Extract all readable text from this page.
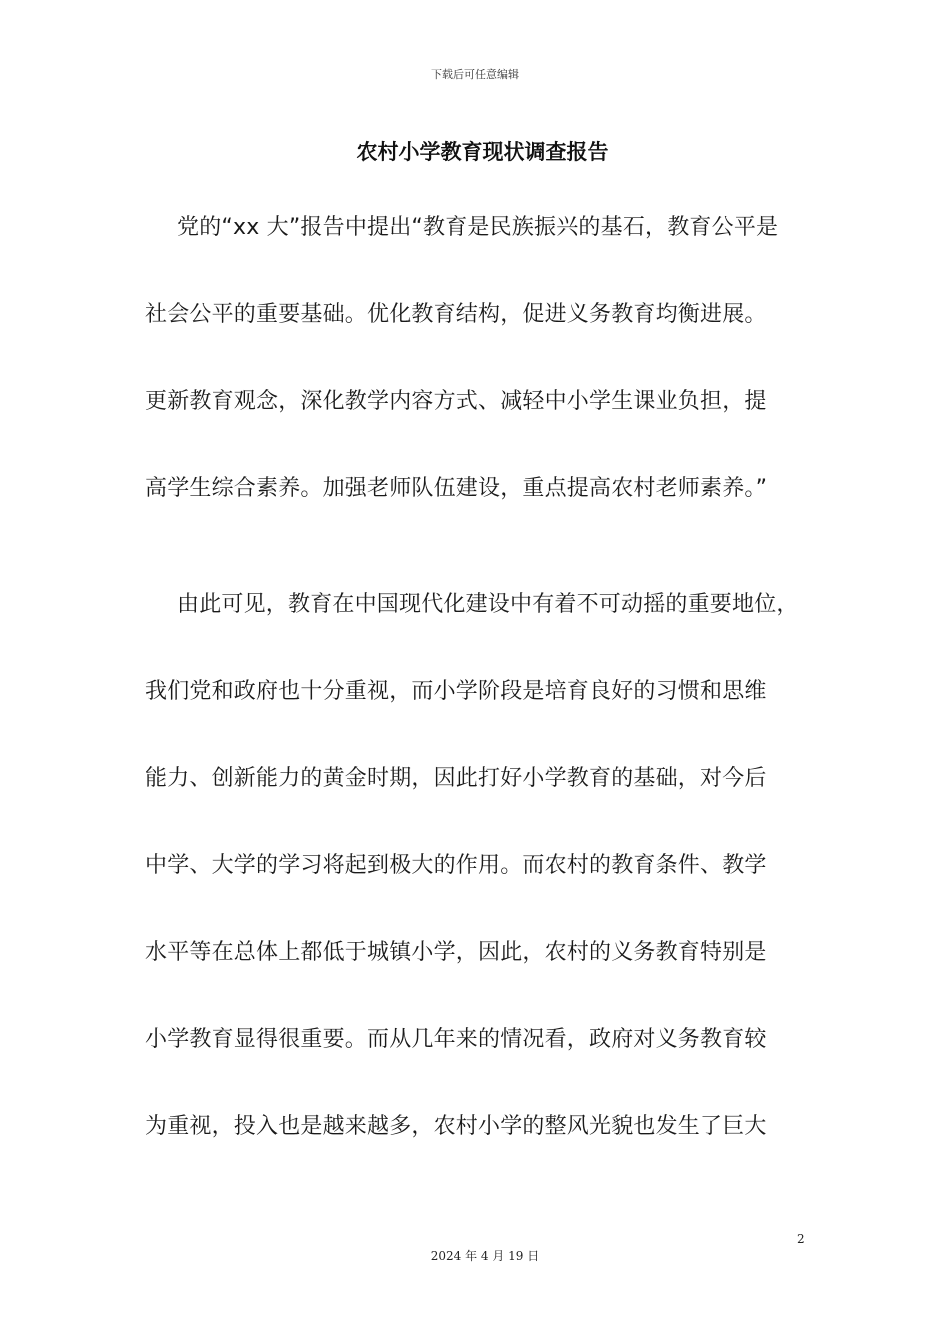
下载后可任意编辑
农村小学教育现状调查报告
党的“xx 大”报告中提出“教育是民族振兴的基石，教育公平是
社会公平的重要基础。优化教育结构，促进义务教育均衡进展。
更新教育观念，深化教学内容方式、减轻中小学生课业负担，提
高学生综合素养。加强老师队伍建设，重点提高农村老师素养。”
由此可见，教育在中国现代化建设中有着不可动摇的重要地位，
我们党和政府也十分重视，而小学阶段是培育良好的习惯和思维
能力、创新能力的黄金时期，因此打好小学教育的基础，对今后
中学、大学的学习将起到极大的作用。而农村的教育条件、教学
水平等在总体上都低于城镇小学，因此，农村的义务教育特别是
小学教育显得很重要。而从几年来的情况看，政府对义务教育较
为重视，投入也是越来越多，农村小学的整风光貌也发生了巨大
2
2024 年 4 月 19 日
